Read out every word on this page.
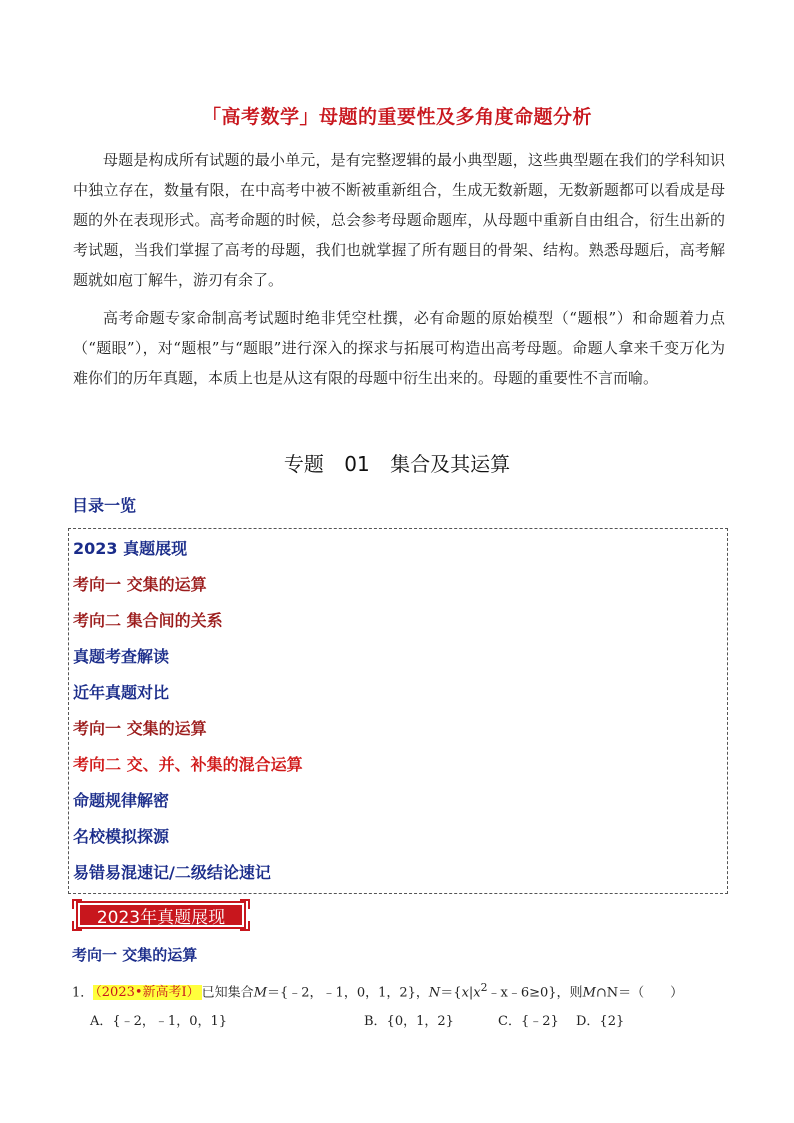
「高考数学」母题的重要性及多角度命题分析

母题是构成所有试题的最小单元，是有完整逻辑的最小典型题，这些典型题在我们的学科知识中独立存在，数量有限，在中高考中被不断被重新组合，生成无数新题，无数新题都可以看成是母题的外在表现形式。高考命题的时候，总会参考母题命题库，从母题中重新自由组合，衍生出新的考试题，当我们掌握了高考的母题，我们也就掌握了所有题目的骨架、结构。熟悉母题后，高考解题就如庖丁解牛，游刃有余了。

高考命题专家命制高考试题时绝非凭空杜撰，必有命题的原始模型（“题根”）和命题着力点（“题眼”），对“题根”与“题眼”进行深入的探求与拓展可构造出高考母题。命题人拿来千变万化为难你们的历年真题，本质上也是从这有限的母题中衍生出来的。母题的重要性不言而喻。

专题 01 集合及其运算
目录一览
2023 真题展现
考向一 交集的运算
考向二 集合间的关系
真题考查解读
近年真题对比
考向一 交集的运算
考向二 交、并、补集的混合运算
命题规律解密
名校模拟探源
易错易混速记/二级结论速记
2023年真题展现
考向一 交集的运算
1． （2023•新高考Ⅰ） 已知集合M＝{﹣2，﹣1，0，1，2}，$N=\{x|x^2﹣x﹣6\ge 0\}$，则M∩N＝（　　）
A．{﹣2，﹣1，0，1}	B．{0，1，2}	C．{﹣2} D．{2}
